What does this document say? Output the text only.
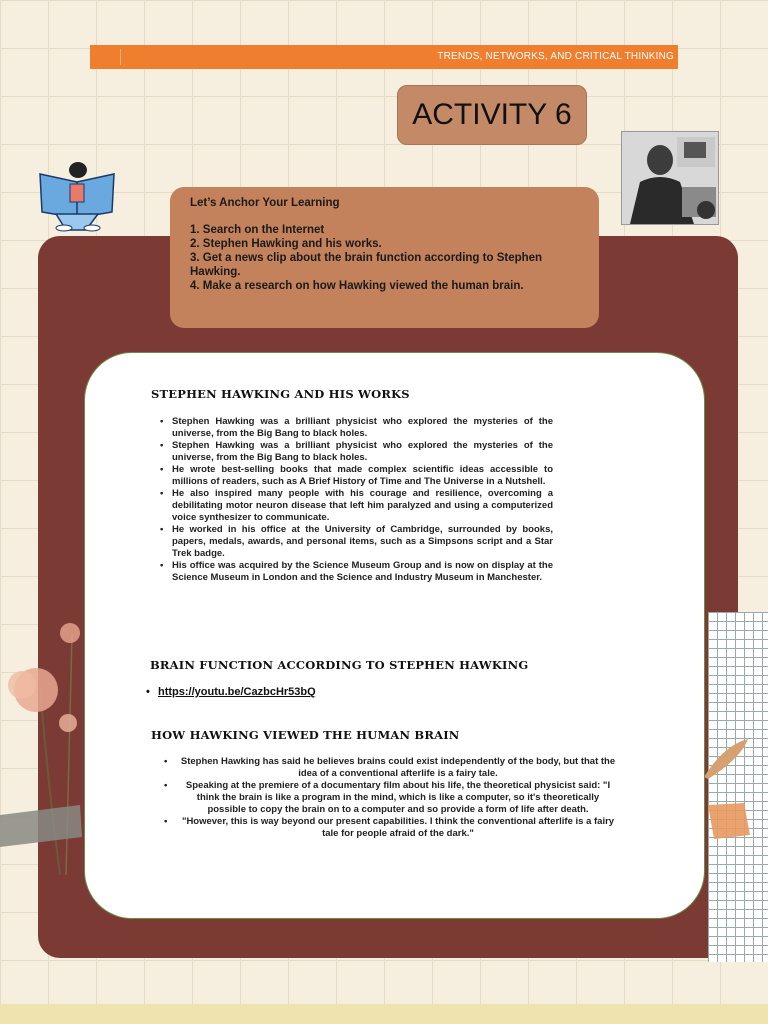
TRENDS, NETWORKS, AND CRITICAL THINKING
ACTIVITY 6
Let’s Anchor Your Learning
1. Search on the Internet
2. Stephen Hawking and his works.
3. Get a news clip about the brain function according to Stephen Hawking.
4. Make a research on how Hawking viewed the human brain.
STEPHEN HAWKING AND HIS WORKS
• Stephen Hawking was a brilliant physicist who explored the mysteries of the universe, from the Big Bang to black holes.
• Stephen Hawking was a brilliant physicist who explored the mysteries of the universe, from the Big Bang to black holes.
• He wrote best-selling books that made complex scientific ideas accessible to millions of readers, such as A Brief History of Time and The Universe in a Nutshell.
• He also inspired many people with his courage and resilience, overcoming a debilitating motor neuron disease that left him paralyzed and using a computerized voice synthesizer to communicate.
• He worked in his office at the University of Cambridge, surrounded by books, papers, medals, awards, and personal items, such as a Simpsons script and a Star Trek badge.
• His office was acquired by the Science Museum Group and is now on display at the Science Museum in London and the Science and Industry Museum in Manchester.
BRAIN FUNCTION ACCORDING TO STEPHEN HAWKING
• https://youtu.be/CazbcHr53bQ
HOW HAWKING VIEWED THE HUMAN BRAIN
• Stephen Hawking has said he believes brains could exist independently of the body, but that the idea of a conventional afterlife is a fairy tale.
• Speaking at the premiere of a documentary film about his life, the theoretical physicist said: "I think the brain is like a program in the mind, which is like a computer, so it's theoretically possible to copy the brain on to a computer and so provide a form of life after death.
• "However, this is way beyond our present capabilities. I think the conventional afterlife is a fairy tale for people afraid of the dark."
